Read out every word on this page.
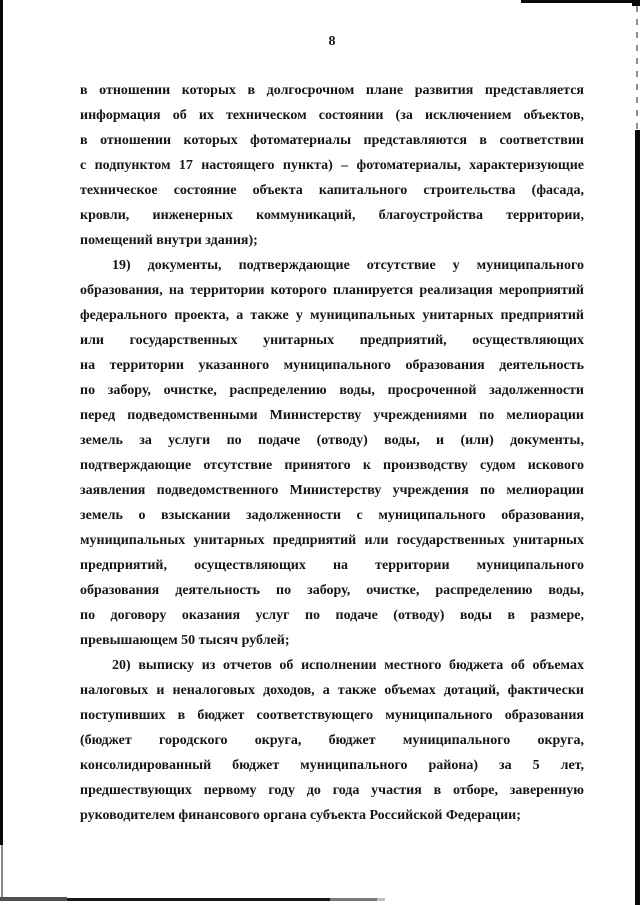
8
в отношении которых в долгосрочном плане развития представляется
информация об их техническом состоянии (за исключением объектов,
в отношении которых фотоматериалы представляются в соответствии
с подпунктом 17 настоящего пункта) – фотоматериалы, характеризующие
техническое состояние объекта капитального строительства (фасада,
кровли, инженерных коммуникаций, благоустройства территории,
помещений внутри здания);
19) документы, подтверждающие отсутствие у муниципального
образования, на территории которого планируется реализация мероприятий
федерального проекта, а также у муниципальных унитарных предприятий
или государственных унитарных предприятий, осуществляющих
на территории указанного муниципального образования деятельность
по забору, очистке, распределению воды, просроченной задолженности
перед подведомственными Министерству учреждениями по мелиорации
земель за услуги по подаче (отводу) воды, и (или) документы,
подтверждающие отсутствие принятого к производству судом искового
заявления подведомственного Министерству учреждения по мелиорации
земель о взыскании задолженности с муниципального образования,
муниципальных унитарных предприятий или государственных унитарных
предприятий, осуществляющих на территории муниципального
образования деятельность по забору, очистке, распределению воды,
по договору оказания услуг по подаче (отводу) воды в размере,
превышающем 50 тысяч рублей;
20) выписку из отчетов об исполнении местного бюджета об объемах
налоговых и неналоговых доходов, а также объемах дотаций, фактически
поступивших в бюджет соответствующего муниципального образования
(бюджет городского округа, бюджет муниципального округа,
консолидированный бюджет муниципального района) за 5 лет,
предшествующих первому году до года участия в отборе, заверенную
руководителем финансового органа субъекта Российской Федерации;
